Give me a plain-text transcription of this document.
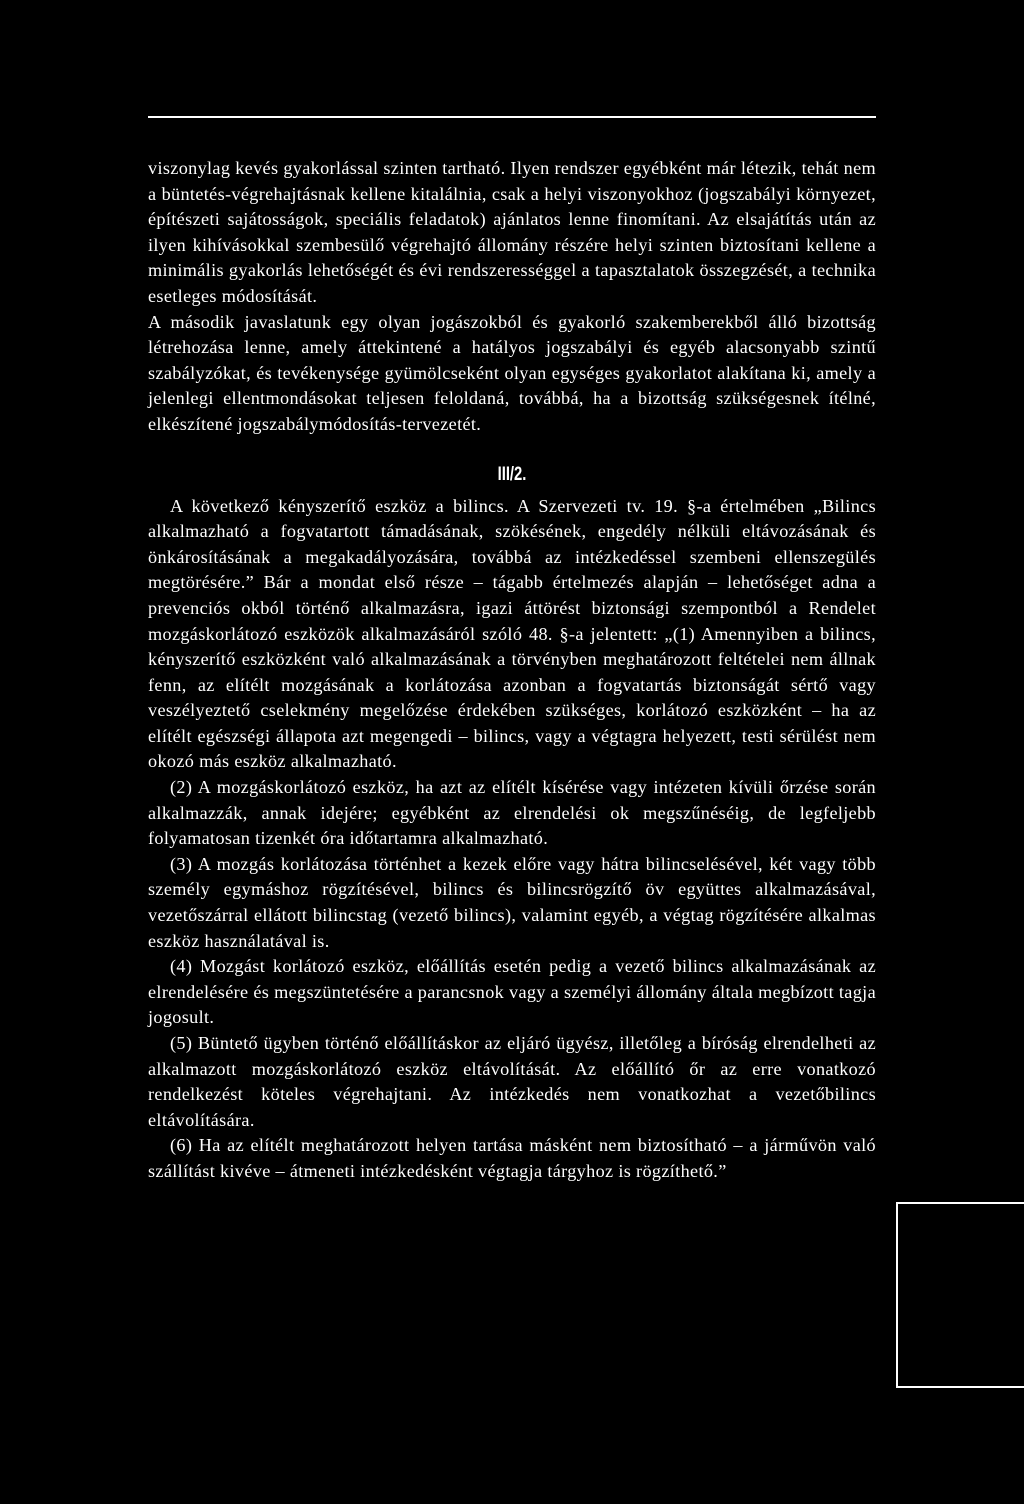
viszonylag kevés gyakorlással szinten tartható. Ilyen rendszer egyébként már létezik, tehát nem a büntetés-végrehajtásnak kellene kitalálnia, csak a helyi viszonyokhoz (jogszabályi környezet, építészeti sajátosságok, speciális feladatok) ajánlatos lenne finomítani. Az elsajátítás után az ilyen kihívásokkal szembesülő végrehajtó állomány részére helyi szinten biztosítani kellene a minimális gyakorlás lehetőségét és évi rendszerességgel a tapasztalatok összegzését, a technika esetleges módosítását.

A második javaslatunk egy olyan jogászokból és gyakorló szakemberekből álló bizottság létrehozása lenne, amely áttekintené a hatályos jogszabályi és egyéb alacsonyabb szintű szabályzókat, és tevékenysége gyümölcseként olyan egységes gyakorlatot alakítana ki, amely a jelenlegi ellentmondásokat teljesen feloldaná, továbbá, ha a bizottság szükségesnek ítélné, elkészítené jogszabálymódosítás-tervezetét.

III/2.

A következő kényszerítő eszköz a bilincs. A Szervezeti tv. 19. §-a értelmében „Bilincs alkalmazható a fogvatartott támadásának, szökésének, engedély nélküli eltávozásának és önkárosításának a megakadályozására, továbbá az intézkedéssel szembeni ellenszegülés megtörésére.” Bár a mondat első része – tágabb értelmezés alapján – lehetőséget adna a prevenciós okból történő alkalmazásra, igazi áttörést biztonsági szempontból a Rendelet mozgáskorlátozó eszközök alkalmazásáról szóló 48. §-a jelentett: „(1) Amennyiben a bilincs, kényszerítő eszközként való alkalmazásának a törvényben meghatározott feltételei nem állnak fenn, az elítélt mozgásának a korlátozása azonban a fogvatartás biztonságát sértő vagy veszélyeztető cselekmény megelőzése érdekében szükséges, korlátozó eszközként – ha az elítélt egészségi állapota azt megengedi – bilincs, vagy a végtagra helyezett, testi sérülést nem okozó más eszköz alkalmazható.

(2) A mozgáskorlátozó eszköz, ha azt az elítélt kísérése vagy intézeten kívüli őrzése során alkalmazzák, annak idejére; egyébként az elrendelési ok megszűnéséig, de legfeljebb folyamatosan tizenkét óra időtartamra alkalmazható.

(3) A mozgás korlátozása történhet a kezek előre vagy hátra bilincselésével, két vagy több személy egymáshoz rögzítésével, bilincs és bilincsrögzítő öv együttes alkalmazásával, vezetőszárral ellátott bilincstag (vezető bilincs), valamint egyéb, a végtag rögzítésére alkalmas eszköz használatával is.

(4) Mozgást korlátozó eszköz, előállítás esetén pedig a vezető bilincs alkalmazásának az elrendelésére és megszüntetésére a parancsnok vagy a személyi állomány általa megbízott tagja jogosult.

(5) Büntető ügyben történő előállításkor az eljáró ügyész, illetőleg a bíróság elrendelheti az alkalmazott mozgáskorlátozó eszköz eltávolítását. Az előállító őr az erre vonatkozó rendelkezést köteles végrehajtani. Az intézkedés nem vonatkozhat a vezetőbilincs eltávolítására.

(6) Ha az elítélt meghatározott helyen tartása másként nem biztosítható – a járművön való szállítást kivéve – átmeneti intézkedésként végtagja tárgyhoz is rögzíthető.”
